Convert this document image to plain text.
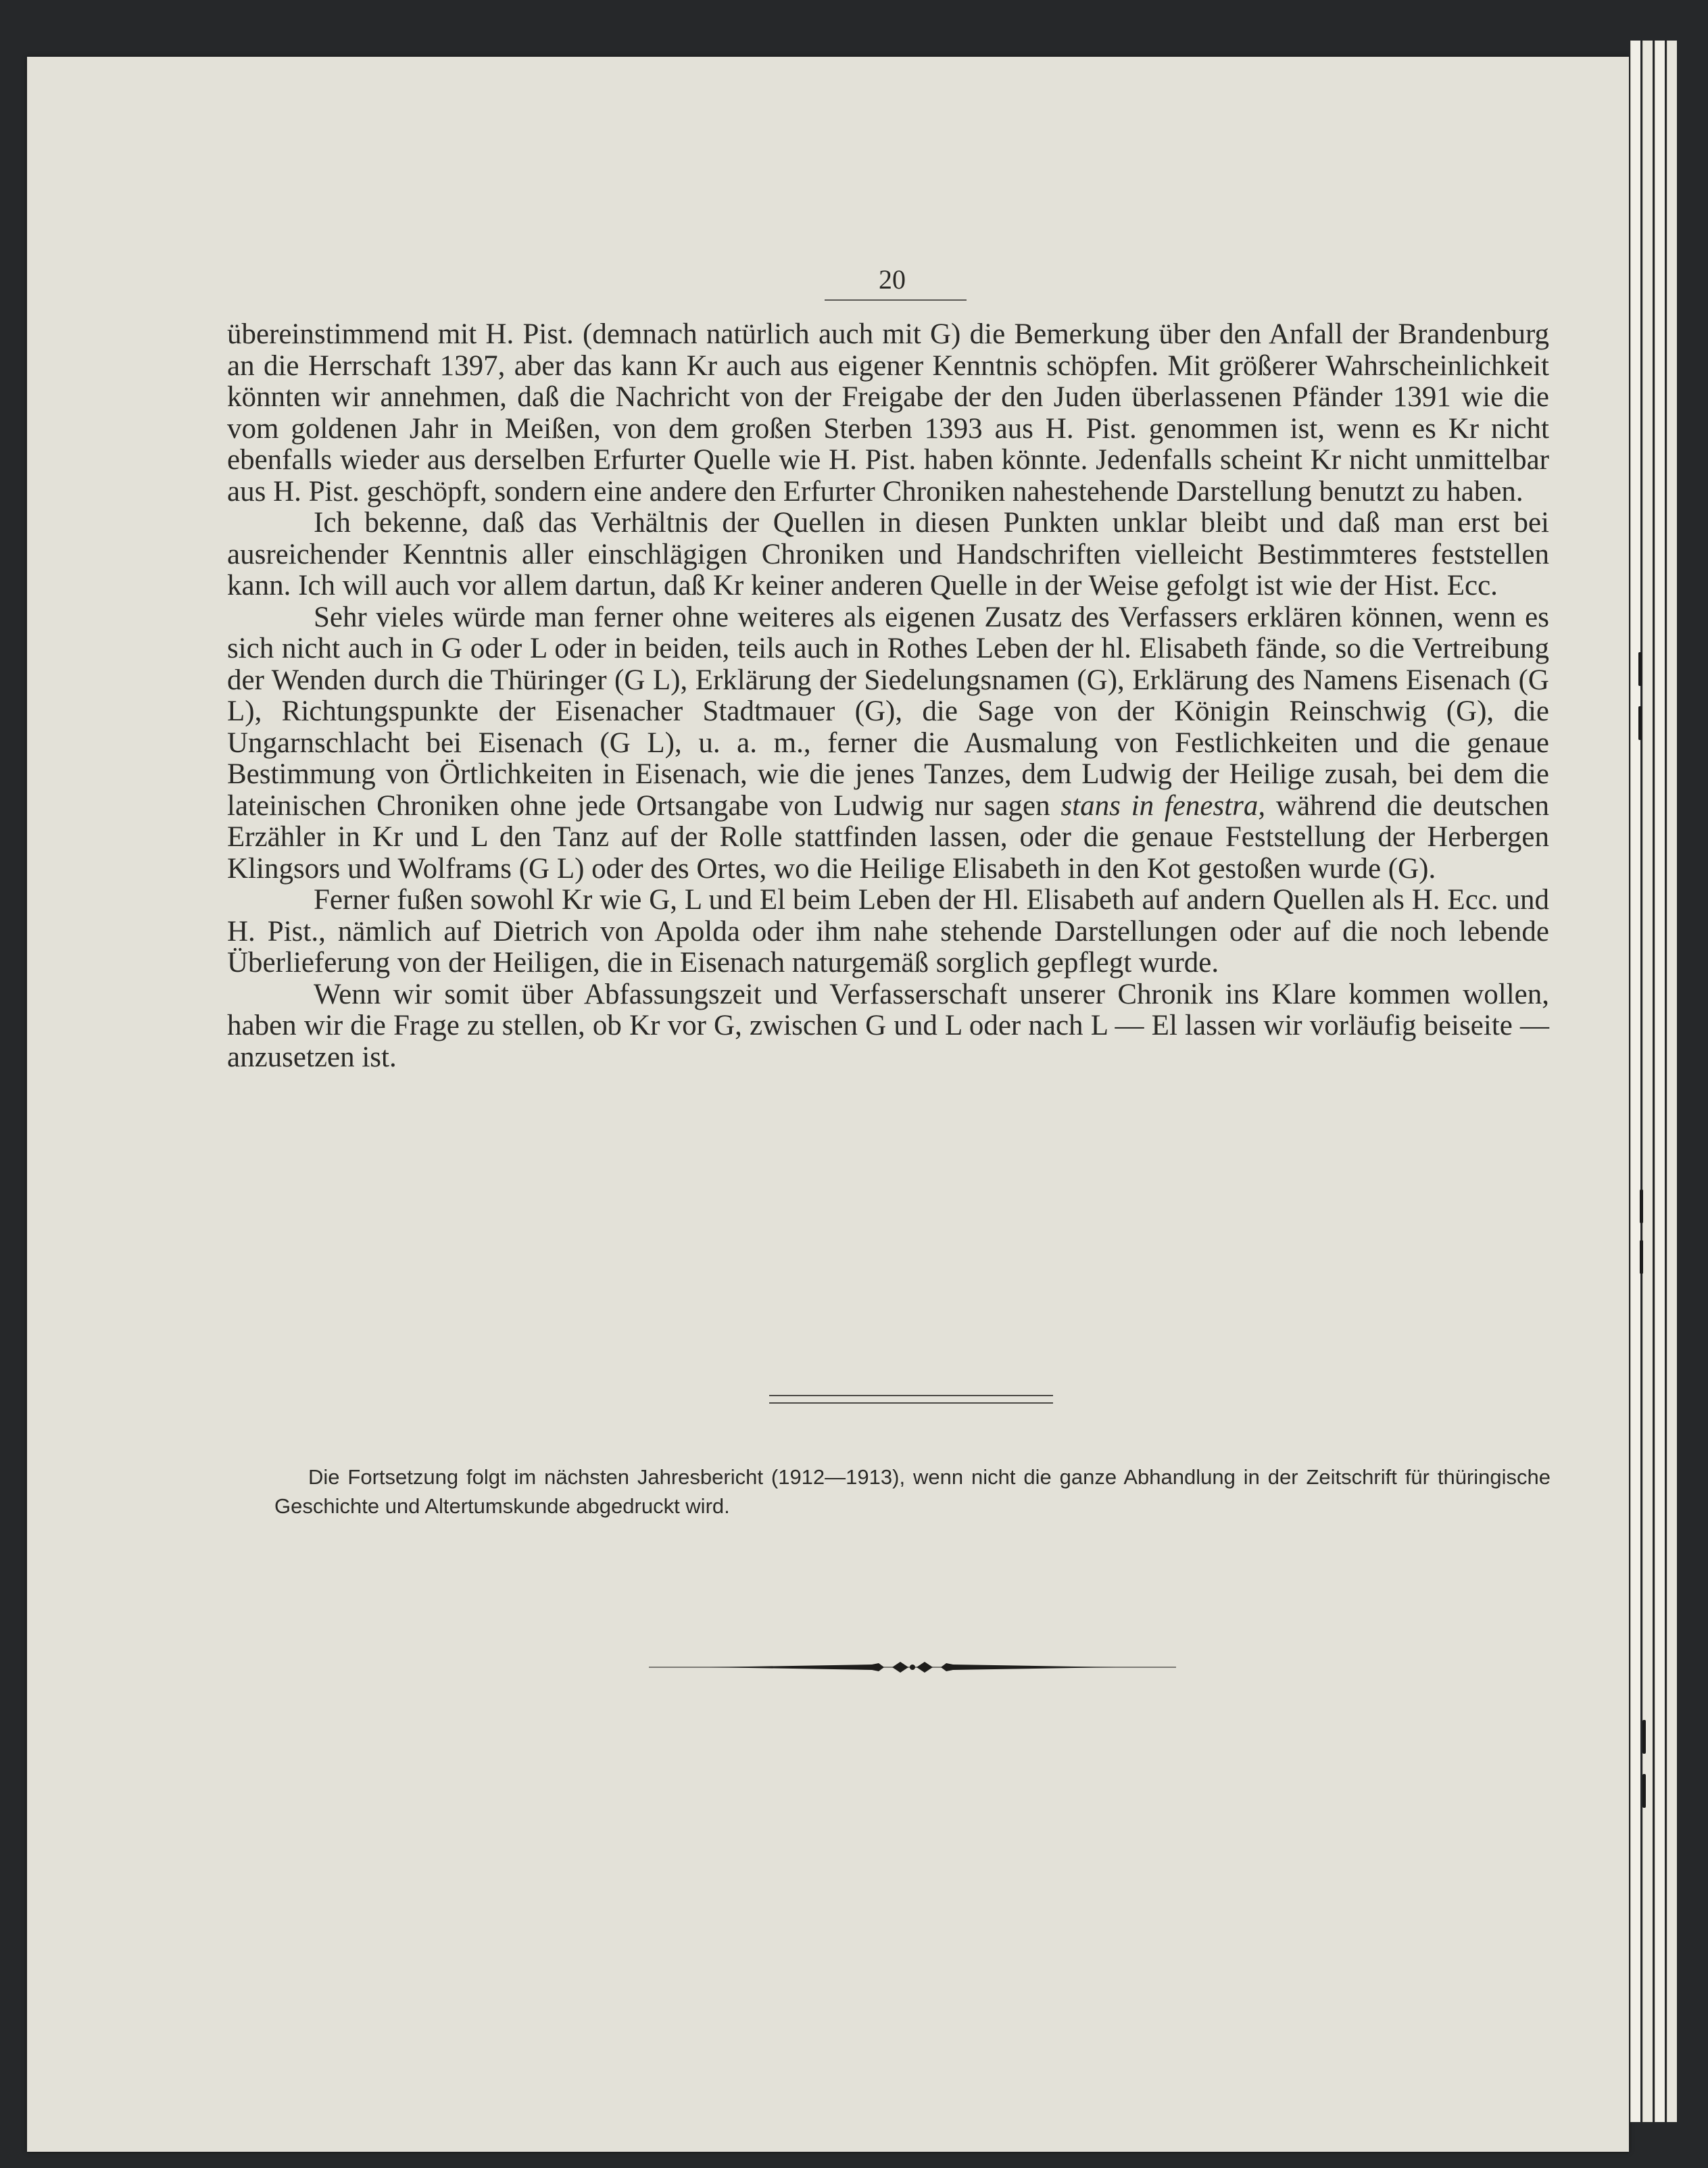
20

übereinstimmend mit H. Pist. (demnach natürlich auch mit G) die Bemerkung über den Anfall der Brandenburg an die Herrschaft 1397, aber das kann Kr auch aus eigener Kenntnis schöpfen. Mit größerer Wahrscheinlichkeit könnten wir annehmen, daß die Nachricht von der Freigabe der den Juden überlassenen Pfänder 1391 wie die vom goldenen Jahr in Meißen, von dem großen Sterben 1393 aus H. Pist. genommen ist, wenn es Kr nicht ebenfalls wieder aus derselben Erfurter Quelle wie H. Pist. haben könnte. Jedenfalls scheint Kr nicht unmittelbar aus H. Pist. geschöpft, sondern eine andere den Erfurter Chroniken nahestehende Darstellung benutzt zu haben.

Ich bekenne, daß das Verhältnis der Quellen in diesen Punkten unklar bleibt und daß man erst bei ausreichender Kenntnis aller einschlägigen Chroniken und Handschriften vielleicht Bestimmteres feststellen kann. Ich will auch vor allem dartun, daß Kr keiner anderen Quelle in der Weise gefolgt ist wie der Hist. Ecc.

Sehr vieles würde man ferner ohne weiteres als eigenen Zusatz des Verfassers erklären können, wenn es sich nicht auch in G oder L oder in beiden, teils auch in Rothes Leben der hl. Elisabeth fände, so die Vertreibung der Wenden durch die Thüringer (G L), Erklärung der Siedelungsnamen (G), Erklärung des Namens Eisenach (G L), Richtungspunkte der Eisenacher Stadtmauer (G), die Sage von der Königin Reinschwig (G), die Ungarnschlacht bei Eisenach (G L), u. a. m., ferner die Ausmalung von Festlichkeiten und die genaue Bestimmung von Örtlichkeiten in Eisenach, wie die jenes Tanzes, dem Ludwig der Heilige zusah, bei dem die lateinischen Chroniken ohne jede Ortsangabe von Ludwig nur sagen stans in fenestra, während die deutschen Erzähler in Kr und L den Tanz auf der Rolle stattfinden lassen, oder die genaue Feststellung der Herbergen Klingsors und Wolframs (G L) oder des Ortes, wo die Heilige Elisabeth in den Kot gestoßen wurde (G).

Ferner fußen sowohl Kr wie G, L und El beim Leben der Hl. Elisabeth auf andern Quellen als H. Ecc. und H. Pist., nämlich auf Dietrich von Apolda oder ihm nahe stehende Darstellungen oder auf die noch lebende Überlieferung von der Heiligen, die in Eisenach naturgemäß sorglich gepflegt wurde.

Wenn wir somit über Abfassungszeit und Verfasserschaft unserer Chronik ins Klare kommen wollen, haben wir die Frage zu stellen, ob Kr vor G, zwischen G und L oder nach L — El lassen wir vorläufig beiseite — anzusetzen ist.

Die Fortsetzung folgt im nächsten Jahresbericht (1912—1913), wenn nicht die ganze Abhandlung in der Zeitschrift für thüringische Geschichte und Altertumskunde abgedruckt wird.
